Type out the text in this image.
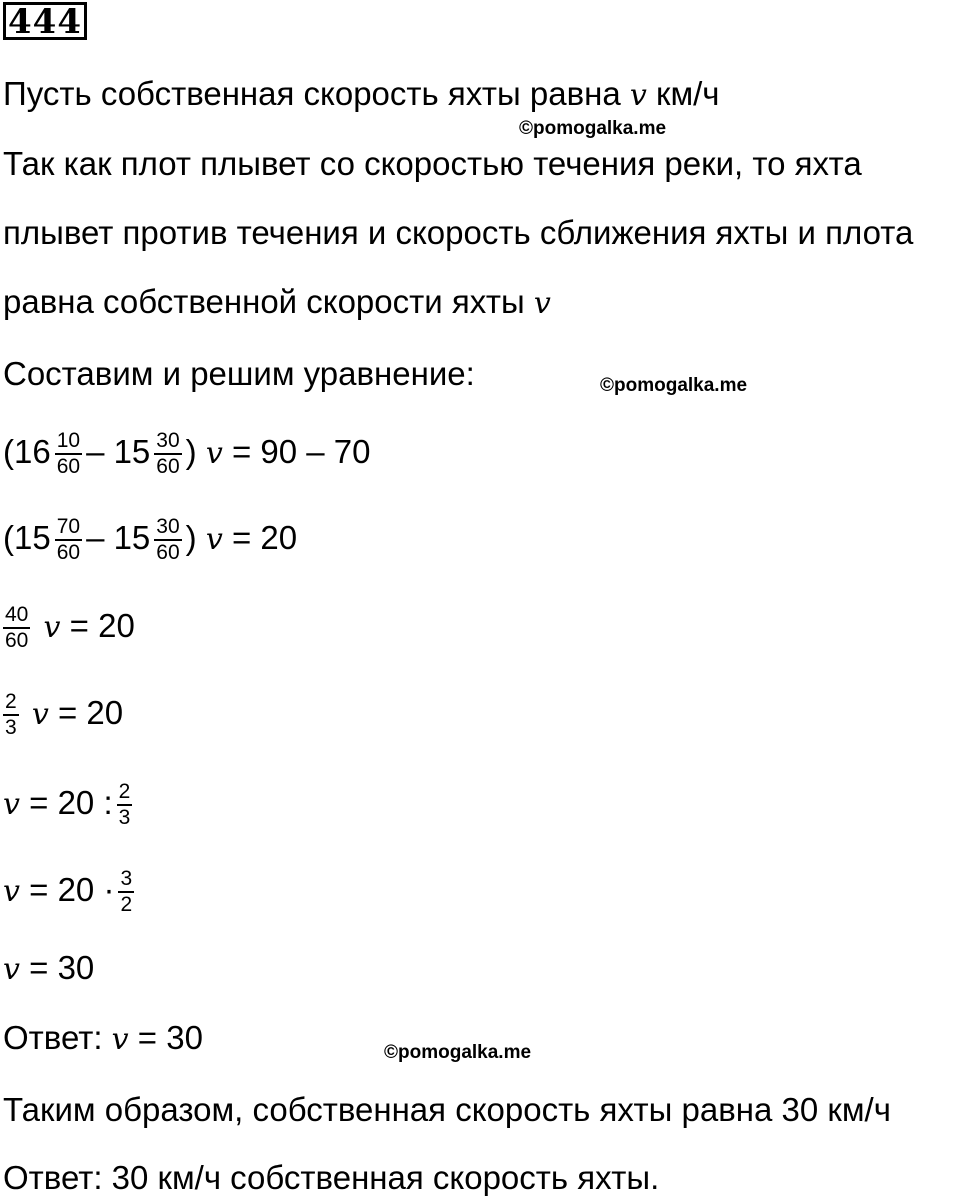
444
Пусть собственная скорость яхты равна v км/ч
©pomogalka.me
Так как плот плывет со скоростью течения реки, то яхта
плывет против течения и скорость сближения яхты и плота
равна собственной скорости яхты v
Составим и решим уравнение:	©pomogalka.me
($16 \frac{10}{60} - 15 \frac{30}{60}$ ) v = 90 – 70
($15 \frac{70}{60} - 15 \frac{30}{60}$ ) v = 20
$\frac{40}{60}$ v = 20
$\frac{2}{3}$ v = 20
v = 20 : $\frac{2}{3}$
$v = 20 \cdot \frac{3}{2}$
v = 30
Ответ: v = 30	©pomogalka.me
Таким образом, собственная скорость яхты равна 30 км/ч
Ответ: 30 км/ч собственная скорость яхты.
